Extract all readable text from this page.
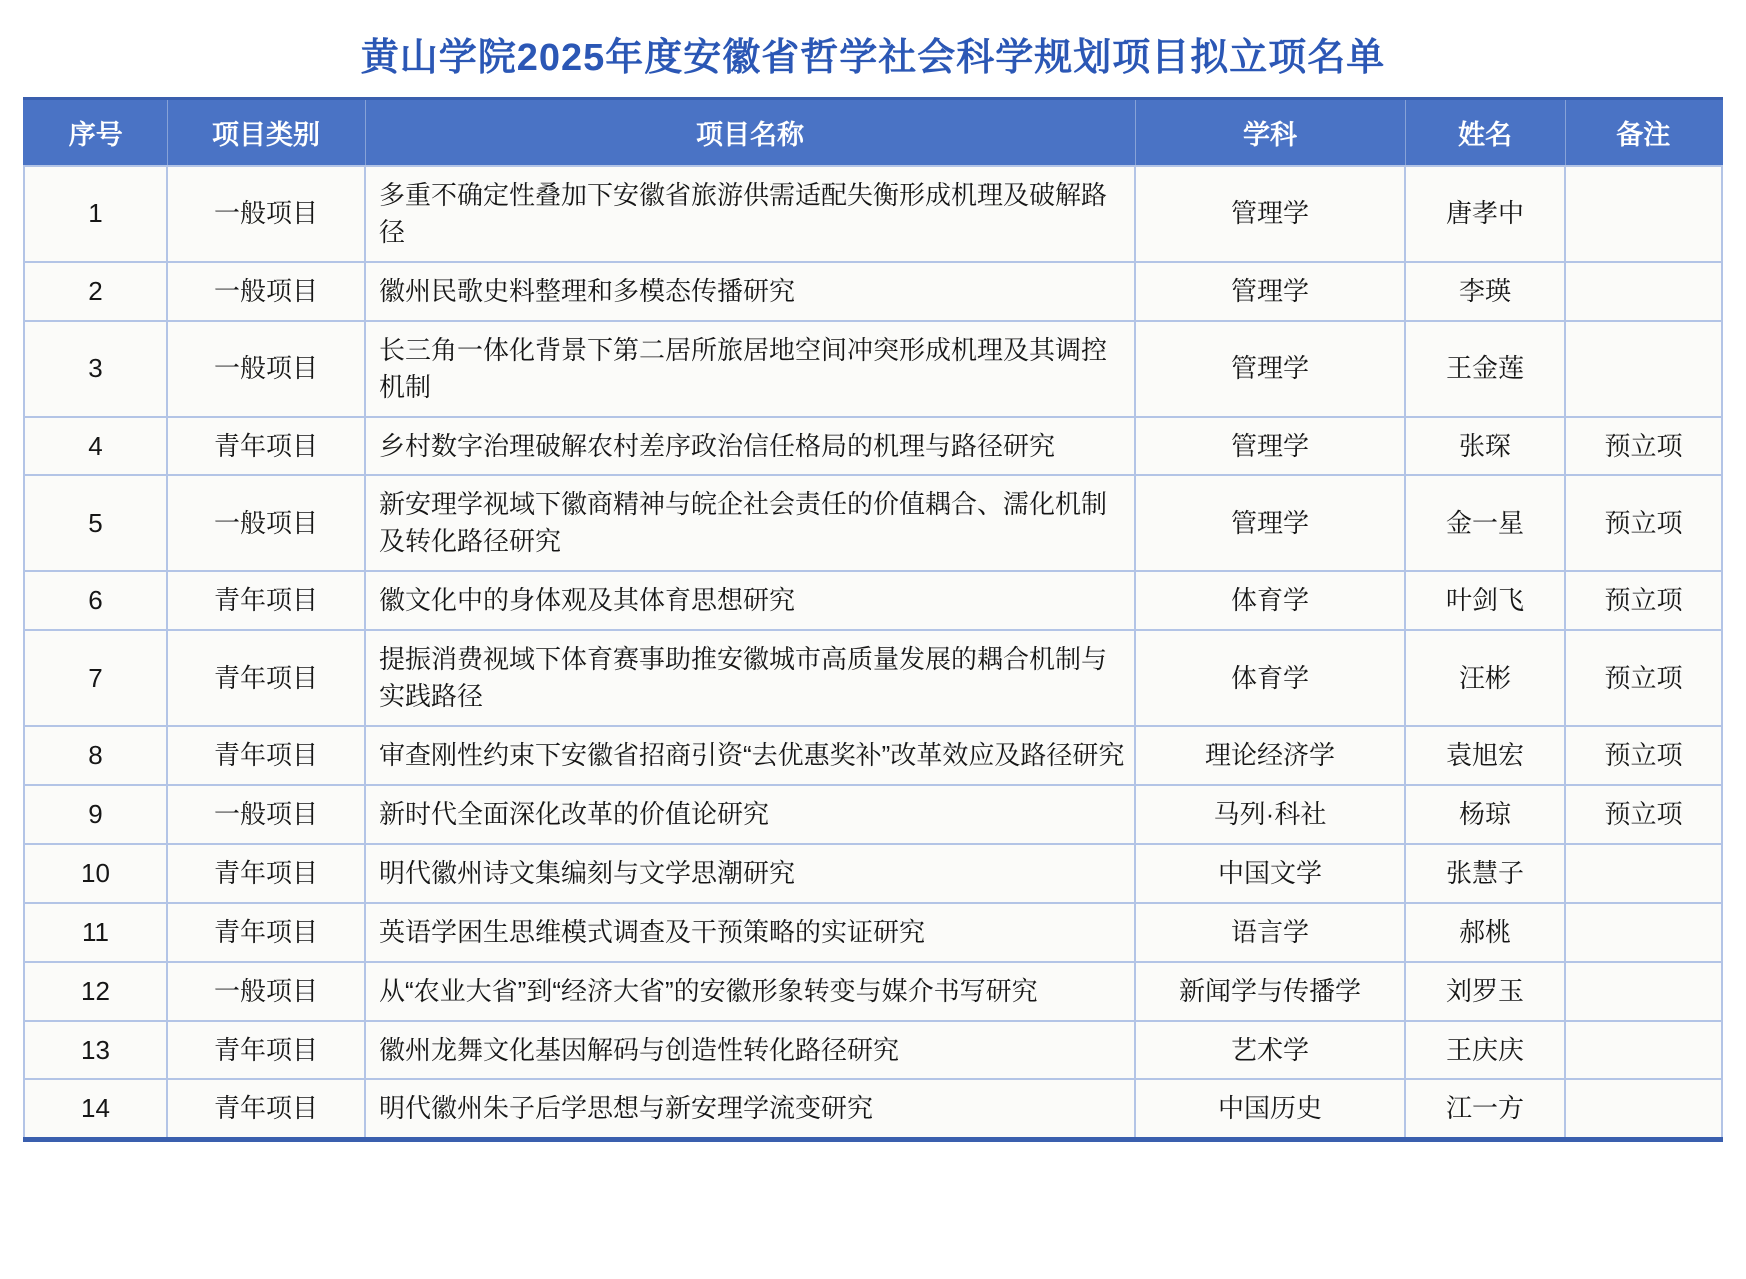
黄山学院2025年度安徽省哲学社会科学规划项目拟立项名单
序号	项目类别	项目名称	学科	姓名	备注
1	一般项目	多重不确定性叠加下安徽省旅游供需适配失衡形成机理及破解路径	管理学	唐孝中	
2	一般项目	徽州民歌史料整理和多模态传播研究	管理学	李瑛	
3	一般项目	长三角一体化背景下第二居所旅居地空间冲突形成机理及其调控机制	管理学	王金莲	
4	青年项目	乡村数字治理破解农村差序政治信任格局的机理与路径研究	管理学	张琛	预立项
5	一般项目	新安理学视域下徽商精神与皖企社会责任的价值耦合、濡化机制及转化路径研究	管理学	金一星	预立项
6	青年项目	徽文化中的身体观及其体育思想研究	体育学	叶剑飞	预立项
7	青年项目	提振消费视域下体育赛事助推安徽城市高质量发展的耦合机制与实践路径	体育学	汪彬	预立项
8	青年项目	审查刚性约束下安徽省招商引资“去优惠奖补”改革效应及路径研究	理论经济学	袁旭宏	预立项
9	一般项目	新时代全面深化改革的价值论研究	马列·科社	杨琼	预立项
10	青年项目	明代徽州诗文集编刻与文学思潮研究	中国文学	张慧子	
11	青年项目	英语学困生思维模式调查及干预策略的实证研究	语言学	郝桃	
12	一般项目	从“农业大省”到“经济大省”的安徽形象转变与媒介书写研究	新闻学与传播学	刘罗玉	
13	青年项目	徽州龙舞文化基因解码与创造性转化路径研究	艺术学	王庆庆	
14	青年项目	明代徽州朱子后学思想与新安理学流变研究	中国历史	江一方	
